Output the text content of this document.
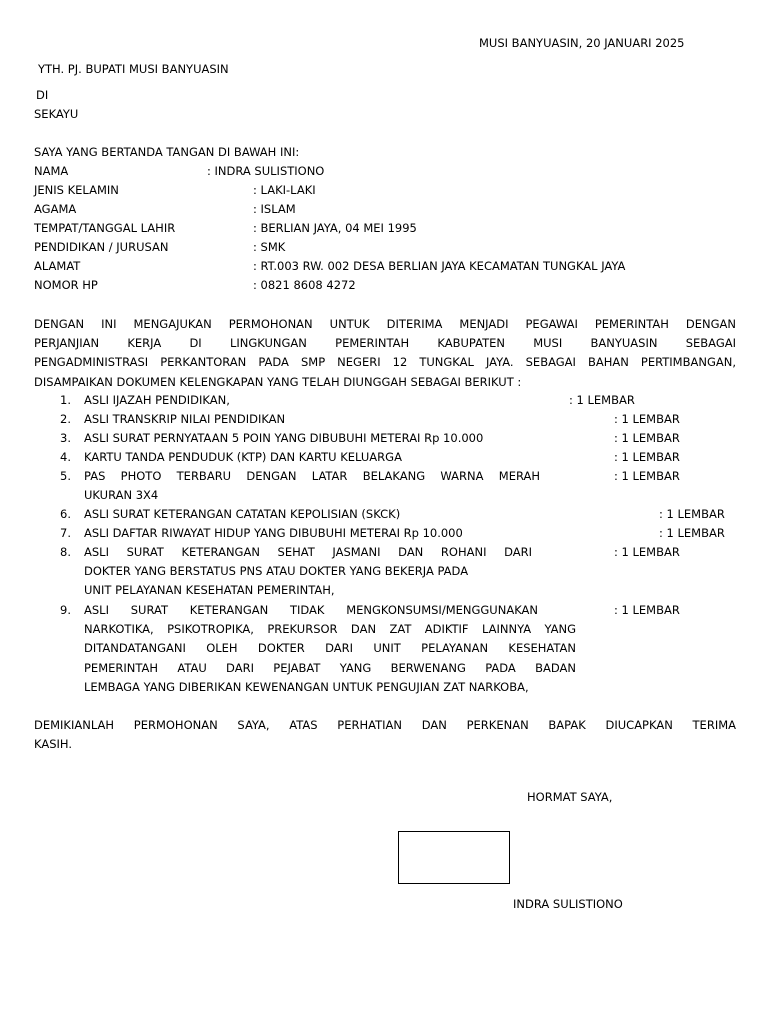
MUSI BANYUASIN, 20 JANUARI 2025
YTH. PJ. BUPATI MUSI BANYUASIN
DI
SEKAYU
SAYA YANG BERTANDA TANGAN DI BAWAH INI:
NAMA	: INDRA SULISTIONO
JENIS KELAMIN	: LAKI-LAKI
AGAMA	: ISLAM
TEMPAT/TANGGAL LAHIR	: BERLIAN JAYA, 04 MEI 1995
PENDIDIKAN / JURUSAN	: SMK
ALAMAT	: RT.003 RW. 002 DESA BERLIAN JAYA KECAMATAN TUNGKAL JAYA
NOMOR HP	: 0821 8608 4272
DENGAN INI MENGAJUKAN PERMOHONAN UNTUK DITERIMA MENJADI PEGAWAI PEMERINTAH DENGAN
PERJANJIAN KERJA DI LINGKUNGAN PEMERINTAH KABUPATEN MUSI BANYUASIN SEBAGAI
PENGADMINISTRASI PERKANTORAN PADA SMP NEGERI 12 TUNGKAL JAYA. SEBAGAI BAHAN PERTIMBANGAN,
DISAMPAIKAN DOKUMEN KELENGKAPAN YANG TELAH DIUNGGAH SEBAGAI BERIKUT :
1. ASLI IJAZAH PENDIDIKAN,	: 1 LEMBAR
2. ASLI TRANSKRIP NILAI PENDIDIKAN	: 1 LEMBAR
3. ASLI SURAT PERNYATAAN 5 POIN YANG DIBUBUHI METERAI Rp 10.000	: 1 LEMBAR
4. KARTU TANDA PENDUDUK (KTP) DAN KARTU KELUARGA	: 1 LEMBAR
5. PAS PHOTO TERBARU DENGAN LATAR BELAKANG WARNA MERAH
UKURAN 3X4
: 1 LEMBAR
6. ASLI SURAT KETERANGAN CATATAN KEPOLISIAN (SKCK)	: 1 LEMBAR
7. ASLI DAFTAR RIWAYAT HIDUP YANG DIBUBUHI METERAI Rp 10.000	: 1 LEMBAR
8. ASLI SURAT KETERANGAN SEHAT JASMANI DAN ROHANI DARI
DOKTER YANG BERSTATUS PNS ATAU DOKTER YANG BEKERJA PADA
UNIT PELAYANAN KESEHATAN PEMERINTAH,
: 1 LEMBAR
9. ASLI SURAT KETERANGAN TIDAK MENGKONSUMSI/MENGGUNAKAN
NARKOTIKA, PSIKOTROPIKA, PREKURSOR DAN ZAT ADIKTIF LAINNYA YANG
DITANDATANGANI OLEH DOKTER DARI UNIT PELAYANAN KESEHATAN
PEMERINTAH ATAU DARI PEJABAT YANG BERWENANG PADA BADAN
LEMBAGA YANG DIBERIKAN KEWENANGAN UNTUK PENGUJIAN ZAT NARKOBA,
: 1 LEMBAR
DEMIKIANLAH PERMOHONAN SAYA, ATAS PERHATIAN DAN PERKENAN BAPAK DIUCAPKAN TERIMA
KASIH.
HORMAT SAYA,
INDRA SULISTIONO
